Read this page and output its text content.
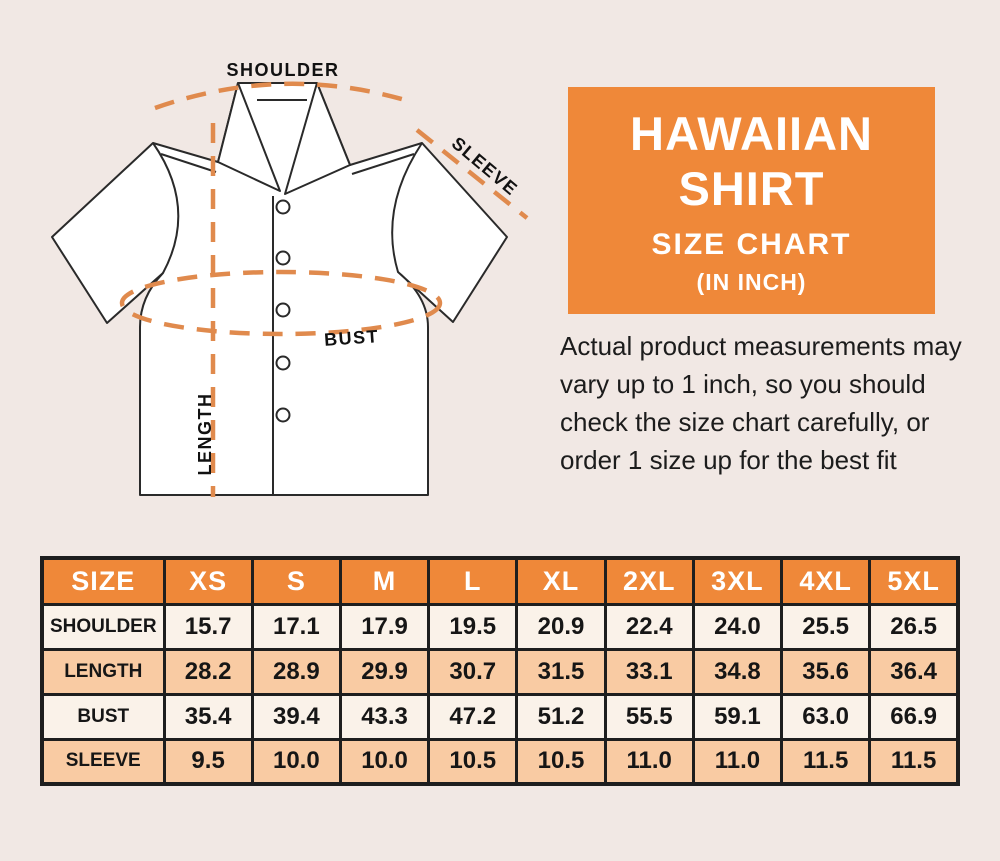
SHOULDER
SLEEVE
BUST
LENGTH
HAWAIIAN
SHIRT
SIZE CHART
(IN INCH)

Actual product measurements may vary up to 1 inch, so you should check the size chart carefully, or order 1 size up for the best fit

SIZE	XS	S	M	L	XL	2XL	3XL	4XL	5XL
SHOULDER	15.7	17.1	17.9	19.5	20.9	22.4	24.0	25.5	26.5
LENGTH	28.2	28.9	29.9	30.7	31.5	33.1	34.8	35.6	36.4
BUST	35.4	39.4	43.3	47.2	51.2	55.5	59.1	63.0	66.9
SLEEVE	9.5	10.0	10.0	10.5	10.5	11.0	11.0	11.5	11.5
